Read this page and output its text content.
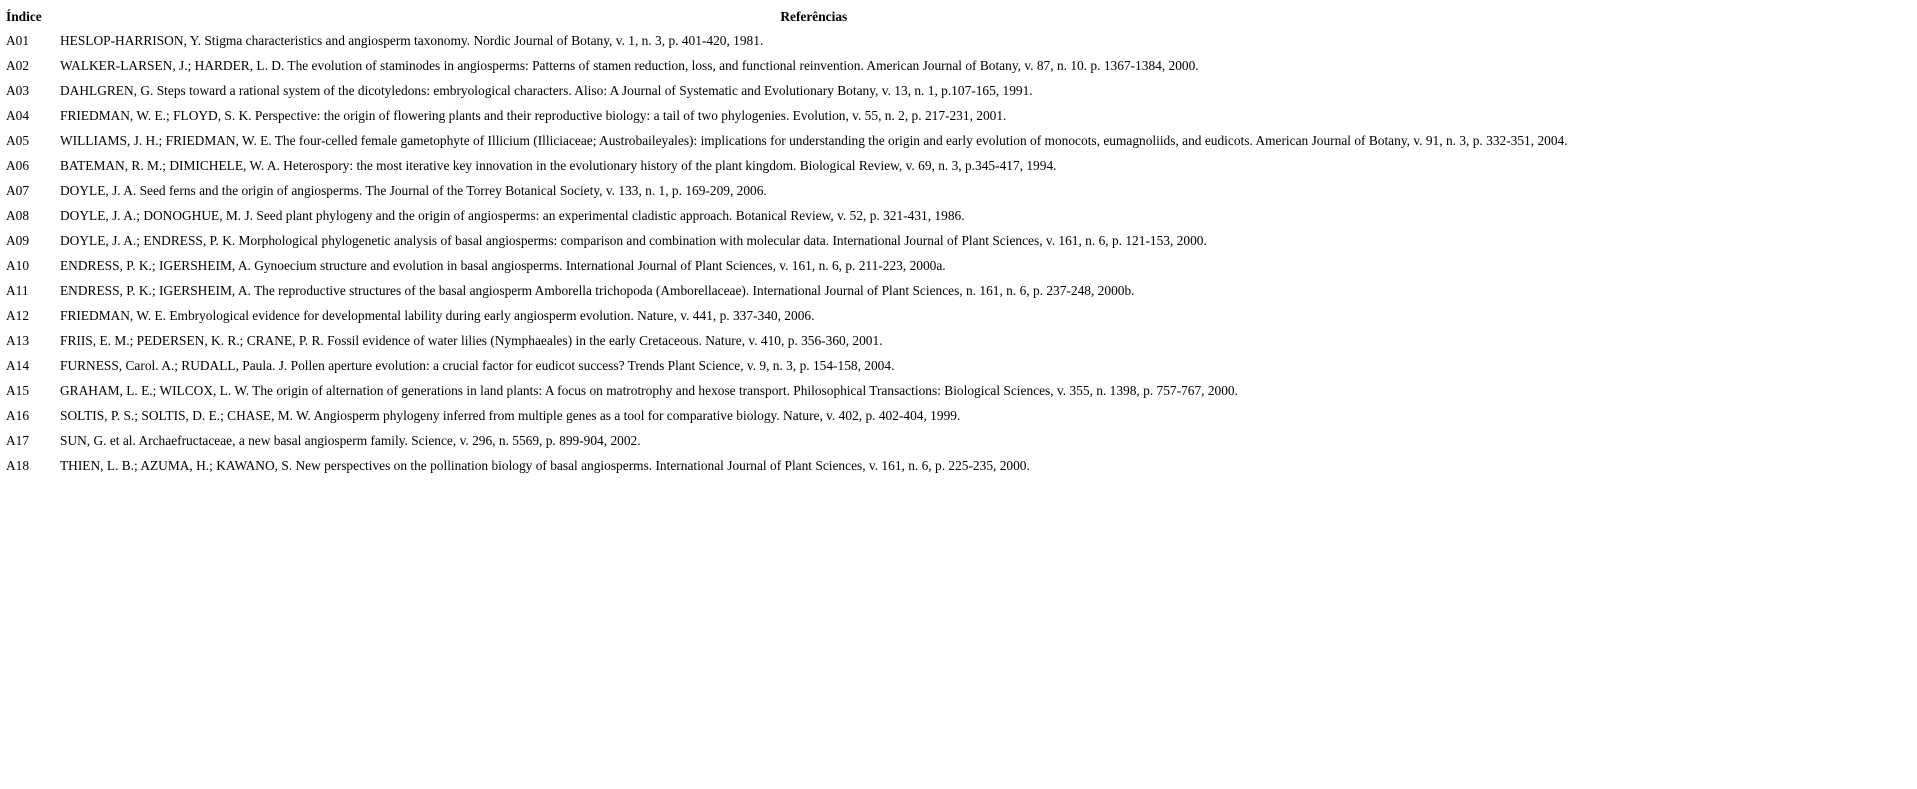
Índice	Referências
A01	HESLOP-HARRISON, Y. Stigma characteristics and angiosperm taxonomy. Nordic Journal of Botany, v. 1, n. 3, p. 401-420, 1981.
A02	WALKER-LARSEN, J.; HARDER, L. D. The evolution of staminodes in angiosperms: Patterns of stamen reduction, loss, and functional reinvention. American Journal of Botany, v. 87, n. 10. p. 1367-1384, 2000.
A03	DAHLGREN, G. Steps toward a rational system of the dicotyledons: embryological characters. Aliso: A Journal of Systematic and Evolutionary Botany, v. 13, n. 1, p.107-165, 1991.
A04	FRIEDMAN, W. E.; FLOYD, S. K. Perspective: the origin of flowering plants and their reproductive biology: a tail of two phylogenies. Evolution, v. 55, n. 2, p. 217-231, 2001.
A05	WILLIAMS, J. H.; FRIEDMAN, W. E. The four-celled female gametophyte of Illicium (Illiciaceae; Austrobaileyales): implications for understanding the origin and early evolution of monocots, eumagnoliids, and eudicots. American Journal of Botany, v. 91, n. 3, p. 332-351, 2004.
A06	BATEMAN, R. M.; DIMICHELE, W. A. Heterospory: the most iterative key innovation in the evolutionary history of the plant kingdom. Biological Review, v. 69, n. 3, p.345-417, 1994.
A07	DOYLE, J. A. Seed ferns and the origin of angiosperms. The Journal of the Torrey Botanical Society, v. 133, n. 1, p. 169-209, 2006.
A08	DOYLE, J. A.; DONOGHUE, M. J. Seed plant phylogeny and the origin of angiosperms: an experimental cladistic approach. Botanical Review, v. 52, p. 321-431, 1986.
A09	DOYLE, J. A.; ENDRESS, P. K. Morphological phylogenetic analysis of basal angiosperms: comparison and combination with molecular data. International Journal of Plant Sciences, v. 161, n. 6, p. 121-153, 2000.
A10	ENDRESS, P. K.; IGERSHEIM, A. Gynoecium structure and evolution in basal angiosperms. International Journal of Plant Sciences, v. 161, n. 6, p. 211-223, 2000a.
A11	ENDRESS, P. K.; IGERSHEIM, A. The reproductive structures of the basal angiosperm Amborella trichopoda (Amborellaceae). International Journal of Plant Sciences, n. 161, n. 6, p. 237-248, 2000b.
A12	FRIEDMAN, W. E. Embryological evidence for developmental lability during early angiosperm evolution. Nature, v. 441, p. 337-340, 2006.
A13	FRIIS, E. M.; PEDERSEN, K. R.; CRANE, P. R. Fossil evidence of water lilies (Nymphaeales) in the early Cretaceous. Nature, v. 410, p. 356-360, 2001.
A14	FURNESS, Carol. A.; RUDALL, Paula. J. Pollen aperture evolution: a crucial factor for eudicot success? Trends Plant Science, v. 9, n. 3, p. 154-158, 2004.
A15	GRAHAM, L. E.; WILCOX, L. W. The origin of alternation of generations in land plants: A focus on matrotrophy and hexose transport. Philosophical Transactions: Biological Sciences, v. 355, n. 1398, p. 757-767, 2000.
A16	SOLTIS, P. S.; SOLTIS, D. E.; CHASE, M. W. Angiosperm phylogeny inferred from multiple genes as a tool for comparative biology. Nature, v. 402, p. 402-404, 1999.
A17	SUN, G. et al. Archaefructaceae, a new basal angiosperm family. Science, v. 296, n. 5569, p. 899-904, 2002.
A18	THIEN, L. B.; AZUMA, H.; KAWANO, S. New perspectives on the pollination biology of basal angiosperms. International Journal of Plant Sciences, v. 161, n. 6, p. 225-235, 2000.
